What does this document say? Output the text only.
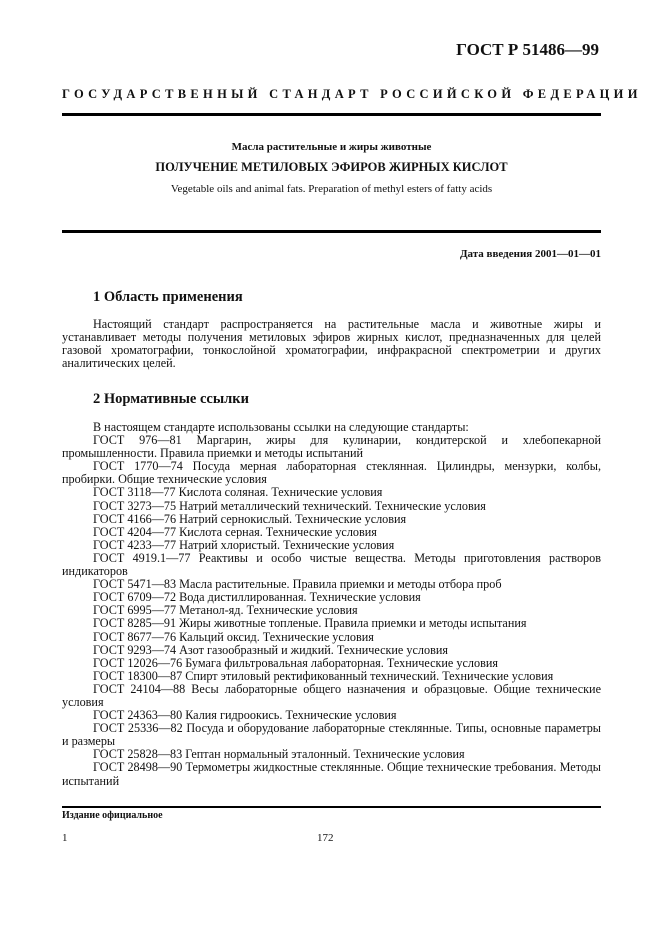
ГОСТ Р 51486—99
ГОСУДАРСТВЕННЫЙ СТАНДАРТ РОССИЙСКОЙ ФЕДЕРАЦИИ
Масла растительные и жиры животные
ПОЛУЧЕНИЕ МЕТИЛОВЫХ ЭФИРОВ ЖИРНЫХ КИСЛОТ
Vegetable oils and animal fats. Preparation of methyl esters of fatty acids
Дата введения 2001—01—01
1 Область применения

Настоящий стандарт распространяется на растительные масла и животные жиры и устанавливает методы получения метиловых эфиров жирных кислот, предназначенных для целей газовой хроматографии, тонкослойной хроматографии, инфракрасной спектрометрии и других аналитических целей.

2 Нормативные ссылки

В настоящем стандарте использованы ссылки на следующие стандарты:

ГОСТ 976—81 Маргарин, жиры для кулинарии, кондитерской и хлебопекарной промышленности. Правила приемки и методы испытаний

ГОСТ 1770—74 Посуда мерная лабораторная стеклянная. Цилиндры, мензурки, колбы, пробирки. Общие технические условия

ГОСТ 3118—77 Кислота соляная. Технические условия

ГОСТ 3273—75 Натрий металлический технический. Технические условия

ГОСТ 4166—76 Натрий сернокислый. Технические условия

ГОСТ 4204—77 Кислота серная. Технические условия

ГОСТ 4233—77 Натрий хлористый. Технические условия

ГОСТ 4919.1—77 Реактивы и особо чистые вещества. Методы приготовления растворов индикаторов

ГОСТ 5471—83 Масла растительные. Правила приемки и методы отбора проб

ГОСТ 6709—72 Вода дистиллированная. Технические условия

ГОСТ 6995—77 Метанол-яд. Технические условия

ГОСТ 8285—91 Жиры животные топленые. Правила приемки и методы испытания

ГОСТ 8677—76 Кальций оксид. Технические условия

ГОСТ 9293—74 Азот газообразный и жидкий. Технические условия

ГОСТ 12026—76 Бумага фильтровальная лабораторная. Технические условия

ГОСТ 18300—87 Спирт этиловый ректификованный технический. Технические условия

ГОСТ 24104—88 Весы лабораторные общего назначения и образцовые. Общие технические условия

ГОСТ 24363—80 Калия гидроокись. Технические условия

ГОСТ 25336—82 Посуда и оборудование лабораторные стеклянные. Типы, основные параметры и размеры

ГОСТ 25828—83 Гептан нормальный эталонный. Технические условия

ГОСТ 28498—90 Термометры жидкостные стеклянные. Общие технические требования. Методы испытаний

Издание официальное
1	172
